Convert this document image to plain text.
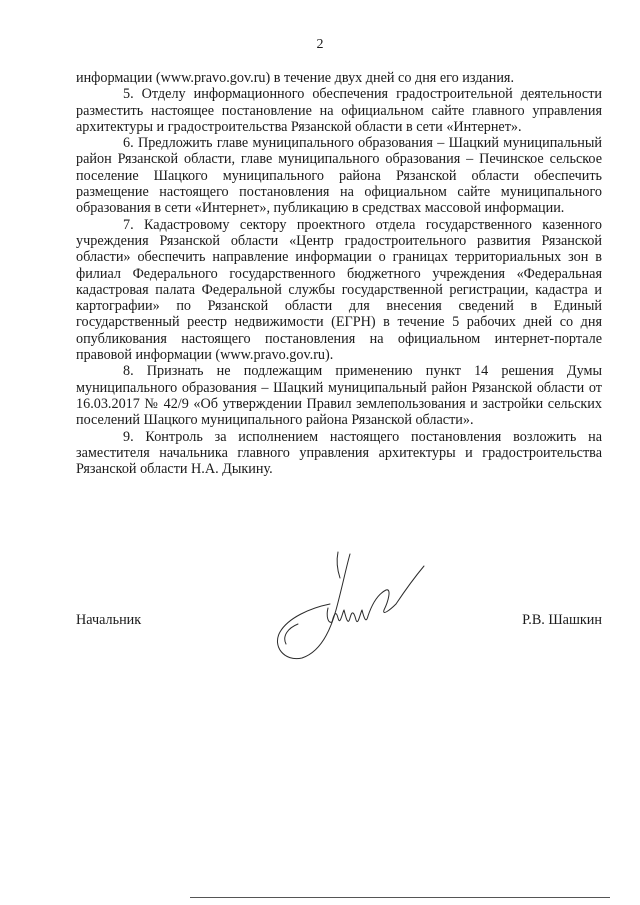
2

информации (www.pravo.gov.ru) в течение двух дней со дня его издания.

5. Отделу информационного обеспечения градостроительной деятельности разместить настоящее постановление на официальном сайте главного управления архитектуры и градостроительства Рязанской области в сети «Интернет».

6. Предложить главе муниципального образования – Шацкий муниципальный район Рязанской области, главе муниципального образования – Печинское сельское поселение Шацкого муниципального района Рязанской области обеспечить размещение настоящего постановления на официальном сайте муниципального образования в сети «Интернет», публикацию в средствах массовой информации.

7. Кадастровому сектору проектного отдела государственного казенного учреждения Рязанской области «Центр градостроительного развития Рязанской области» обеспечить направление информации о границах территориальных зон в филиал Федерального государственного бюджетного учреждения «Федеральная кадастровая палата Федеральной службы государственной регистрации, кадастра и картографии» по Рязанской области для внесения сведений в Единый государственный реестр недвижимости (ЕГРН) в течение 5 рабочих дней со дня опубликования настоящего постановления на официальном интернет-портале правовой информации (www.pravo.gov.ru).

8. Признать не подлежащим применению пункт 14 решения Думы муниципального образования – Шацкий муниципальный район Рязанской области от 16.03.2017 № 42/9 «Об утверждении Правил землепользования и застройки сельских поселений Шацкого муниципального района Рязанской области».

9. Контроль за исполнением настоящего постановления возложить на заместителя начальника главного управления архитектуры и градостроительства Рязанской области Н.А. Дыкину.

Начальник	Р.В. Шашкин
